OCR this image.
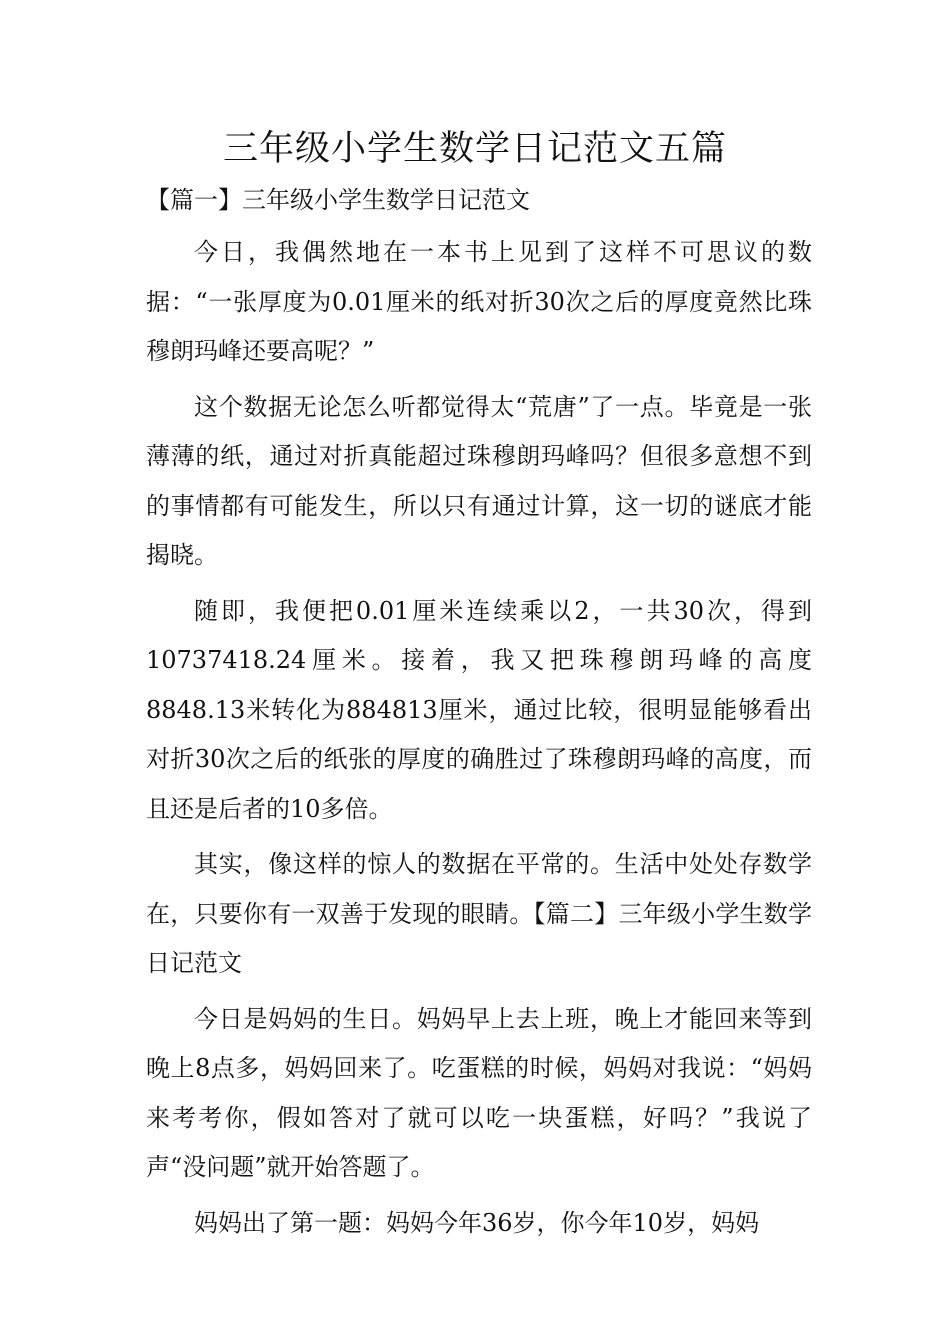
三年级小学生数学日记范文五篇
【篇一】三年级小学生数学日记范文

今日，我偶然地在一本书上见到了这样不可思议的数据：“一张厚度为0.01厘米的纸对折30次之后的厚度竟然比珠穆朗玛峰还要高呢？”

这个数据无论怎么听都觉得太“荒唐”了一点。毕竟是一张薄薄的纸，通过对折真能超过珠穆朗玛峰吗？但很多意想不到的事情都有可能发生，所以只有通过计算，这一切的谜底才能揭晓。

随即，我便把0.01厘米连续乘以2，一共30次，得到10737418.24厘米。接着，我又把珠穆朗玛峰的高度8848.13米转化为884813厘米，通过比较，很明显能够看出对折30次之后的纸张的厚度的确胜过了珠穆朗玛峰的高度，而且还是后者的10多倍。

其实，像这样的惊人的数据在平常的。生活中处处存数学在，只要你有一双善于发现的眼睛。【篇二】三年级小学生数学日记范文

今日是妈妈的生日。妈妈早上去上班，晚上才能回来等到晚上8点多，妈妈回来了。吃蛋糕的时候，妈妈对我说：“妈妈来考考你，假如答对了就可以吃一块蛋糕，好吗？”我说了声“没问题”就开始答题了。

妈妈出了第一题：妈妈今年36岁，你今年10岁，妈妈
